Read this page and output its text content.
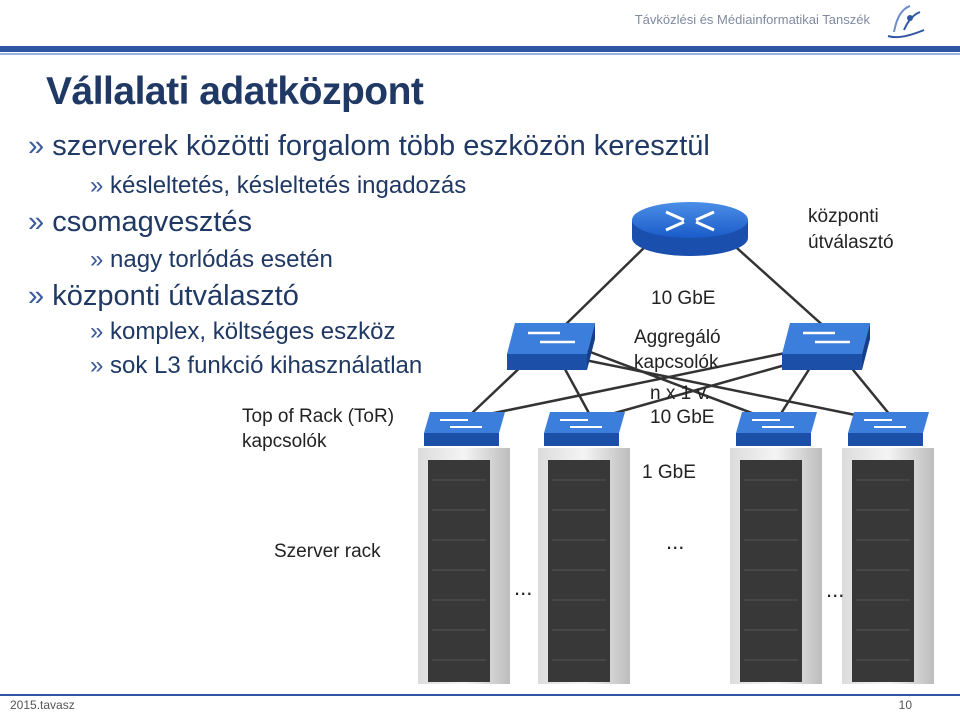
Távközlési és Médiainformatikai Tanszék
Vállalati adatközpont
» szerverek közötti forgalom több eszközön keresztül
» késleltetés, késleltetés ingadozás
» csomagvesztés
» nagy torlódás esetén
» központi útválasztó
» komplex, költséges eszköz
» sok L3 funkció kihasználatlan
központi
útválasztó
10 GbE
Aggregáló
kapcsolók
n x 1 v.
10 GbE
Top of Rack (ToR)
kapcsolók
1 GbE
Szerver rack	...
...	...
2015.tavasz	10
